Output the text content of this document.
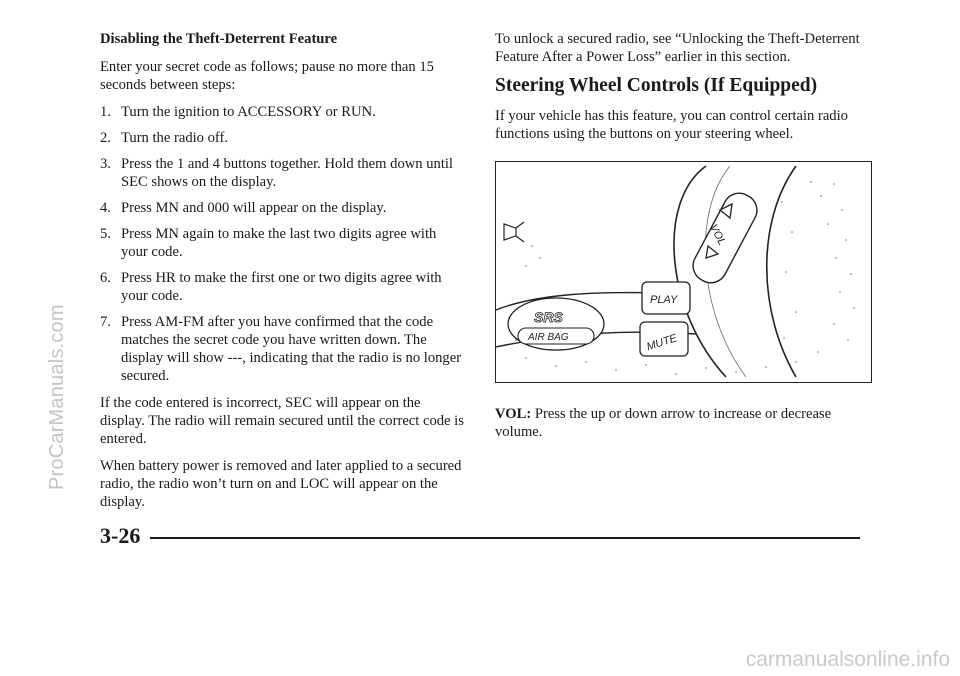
Disabling the Theft-Deterrent Feature

Enter your secret code as follows; pause no more than 15 seconds between steps:

1. Turn the ignition to ACCESSORY or RUN.
2. Turn the radio off.
3. Press the 1 and 4 buttons together. Hold them down until SEC shows on the display.
4. Press MN and 000 will appear on the display.
5. Press MN again to make the last two digits agree with your code.
6. Press HR to make the first one or two digits agree with your code.
7. Press AM-FM after you have confirmed that the code matches the secret code you have written down. The display will show ---, indicating that the radio is no longer secured.

If the code entered is incorrect, SEC will appear on the display. The radio will remain secured until the correct code is entered.

When battery power is removed and later applied to a secured radio, the radio won’t turn on and LOC will appear on the display.

To unlock a secured radio, see “Unlocking the Theft-Deterrent Feature After a Power Loss” earlier in this section.

Steering Wheel Controls (If Equipped)

If your vehicle has this feature, you can control certain radio functions using the buttons on your steering wheel.

VOL
PLAY
MUTE
SRS
AIR BAG

VOL: Press the up or down arrow to increase or decrease volume.

3-26
ProCarManuals.com
carmanualsonline.info
